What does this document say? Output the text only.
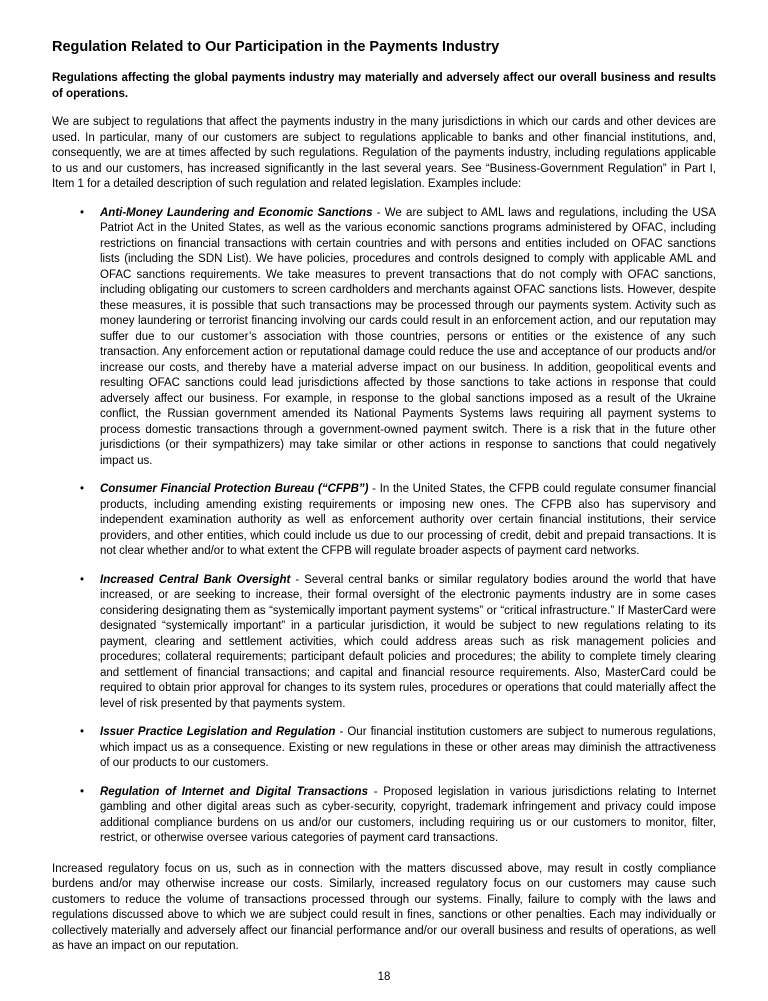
Regulation Related to Our Participation in the Payments Industry

Regulations affecting the global payments industry may materially and adversely affect our overall business and results of operations.

We are subject to regulations that affect the payments industry in the many jurisdictions in which our cards and other devices are used. In particular, many of our customers are subject to regulations applicable to banks and other financial institutions, and, consequently, we are at times affected by such regulations. Regulation of the payments industry, including regulations applicable to us and our customers, has increased significantly in the last several years. See “Business-Government Regulation” in Part I, Item 1 for a detailed description of such regulation and related legislation. Examples include:

• Anti-Money Laundering and Economic Sanctions - We are subject to AML laws and regulations, including the USA Patriot Act in the United States, as well as the various economic sanctions programs administered by OFAC, including restrictions on financial transactions with certain countries and with persons and entities included on OFAC sanctions lists (including the SDN List). We have policies, procedures and controls designed to comply with applicable AML and OFAC sanctions requirements. We take measures to prevent transactions that do not comply with OFAC sanctions, including obligating our customers to screen cardholders and merchants against OFAC sanctions lists. However, despite these measures, it is possible that such transactions may be processed through our payments system. Activity such as money laundering or terrorist financing involving our cards could result in an enforcement action, and our reputation may suffer due to our customer’s association with those countries, persons or entities or the existence of any such transaction. Any enforcement action or reputational damage could reduce the use and acceptance of our products and/or increase our costs, and thereby have a material adverse impact on our business. In addition, geopolitical events and resulting OFAC sanctions could lead jurisdictions affected by those sanctions to take actions in response that could adversely affect our business. For example, in response to the global sanctions imposed as a result of the Ukraine conflict, the Russian government amended its National Payments Systems laws requiring all payment systems to process domestic transactions through a government-owned payment switch. There is a risk that in the future other jurisdictions (or their sympathizers) may take similar or other actions in response to sanctions that could negatively impact us.
• Consumer Financial Protection Bureau (“CFPB”) - In the United States, the CFPB could regulate consumer financial products, including amending existing requirements or imposing new ones. The CFPB also has supervisory and independent examination authority as well as enforcement authority over certain financial institutions, their service providers, and other entities, which could include us due to our processing of credit, debit and prepaid transactions. It is not clear whether and/or to what extent the CFPB will regulate broader aspects of payment card networks.
• Increased Central Bank Oversight - Several central banks or similar regulatory bodies around the world that have increased, or are seeking to increase, their formal oversight of the electronic payments industry are in some cases considering designating them as “systemically important payment systems” or “critical infrastructure.” If MasterCard were designated “systemically important” in a particular jurisdiction, it would be subject to new regulations relating to its payment, clearing and settlement activities, which could address areas such as risk management policies and procedures; collateral requirements; participant default policies and procedures; the ability to complete timely clearing and settlement of financial transactions; and capital and financial resource requirements. Also, MasterCard could be required to obtain prior approval for changes to its system rules, procedures or operations that could materially affect the level of risk presented by that payments system.
• Issuer Practice Legislation and Regulation - Our financial institution customers are subject to numerous regulations, which impact us as a consequence. Existing or new regulations in these or other areas may diminish the attractiveness of our products to our customers.
• Regulation of Internet and Digital Transactions - Proposed legislation in various jurisdictions relating to Internet gambling and other digital areas such as cyber-security, copyright, trademark infringement and privacy could impose additional compliance burdens on us and/or our customers, including requiring us or our customers to monitor, filter, restrict, or otherwise oversee various categories of payment card transactions.

Increased regulatory focus on us, such as in connection with the matters discussed above, may result in costly compliance burdens and/or may otherwise increase our costs. Similarly, increased regulatory focus on our customers may cause such customers to reduce the volume of transactions processed through our systems. Finally, failure to comply with the laws and regulations discussed above to which we are subject could result in fines, sanctions or other penalties. Each may individually or collectively materially and adversely affect our financial performance and/or our overall business and results of operations, as well as have an impact on our reputation.

18
